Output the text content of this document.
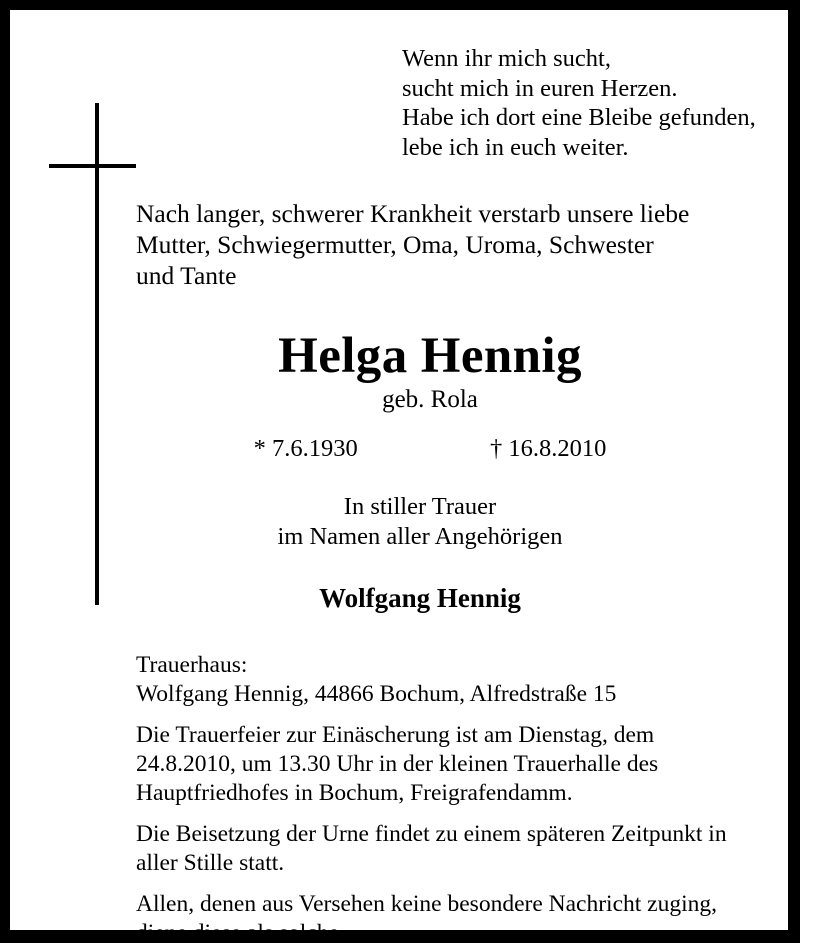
Wenn ihr mich sucht,
sucht mich in euren Herzen.
Habe ich dort eine Bleibe gefunden,
lebe ich in euch weiter.
Nach langer, schwerer Krankheit verstarb unsere liebe
Mutter, Schwiegermutter, Oma, Uroma, Schwester
und Tante
Helga Hennig
geb. Rola
* 7.6.1930	† 16.8.2010
In stiller Trauer
im Namen aller Angehörigen
Wolfgang Hennig
Trauerhaus:
Wolfgang Hennig, 44866 Bochum, Alfredstraße 15
Die Trauerfeier zur Einäscherung ist am Dienstag, dem
24.8.2010, um 13.30 Uhr in der kleinen Trauerhalle des
Hauptfriedhofes in Bochum, Freigrafendamm.
Die Beisetzung der Urne findet zu einem späteren Zeitpunkt in
aller Stille statt.
Allen, denen aus Versehen keine besondere Nachricht zuging,
diene diese als solche.
